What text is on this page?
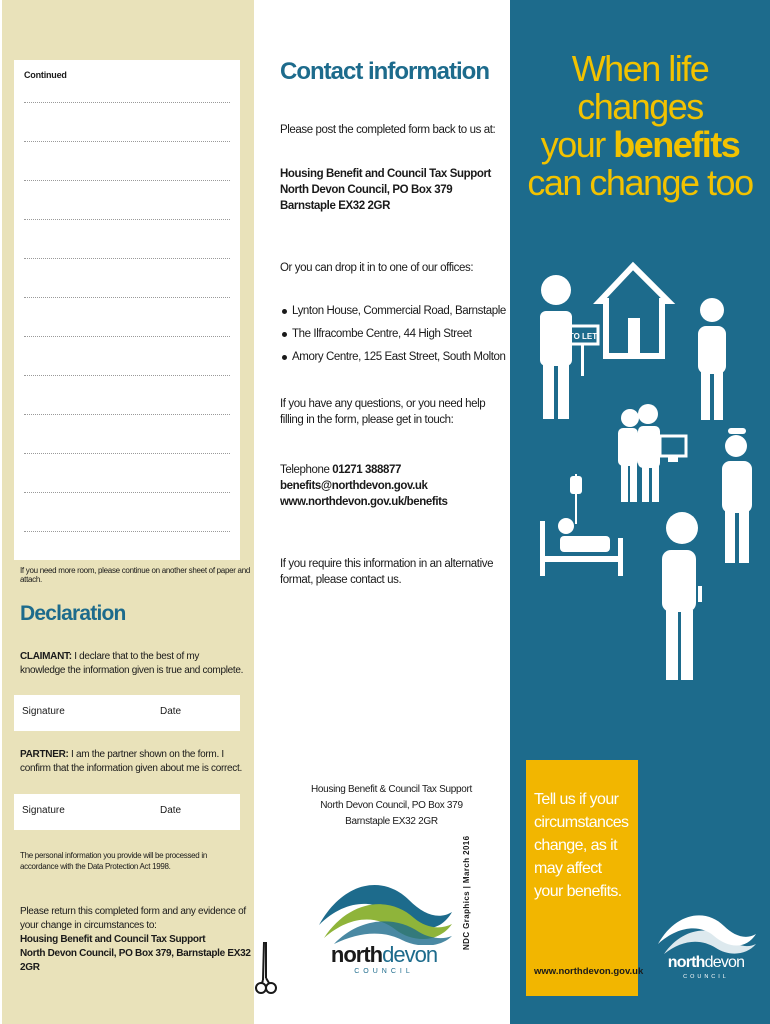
Continued
If you need more room, please continue on another sheet of paper and attach.
Declaration
CLAIMANT: I declare that to the best of my knowledge the information given is true and complete.
Signature	Date
PARTNER: I am the partner shown on the form. I confirm that the information given about me is correct.
Signature	Date
The personal information you provide will be processed in accordance with the Data Protection Act 1998.
Please return this completed form and any evidence of your change in circumstances to:
Housing Benefit and Council Tax Support
North Devon Council, PO Box 379, Barnstaple EX32 2GR
Contact information
Please post the completed form back to us at:
Housing Benefit and Council Tax Support
North Devon Council, PO Box 379
Barnstaple EX32 2GR
Or you can drop it in to one of our offices:
Lynton House, Commercial Road, Barnstaple
The Ilfracombe Centre, 44 High Street
Amory Centre, 125 East Street, South Molton
If you have any questions, or you need help filling in the form, please get in touch:
Telephone 01271 388877
benefits@northdevon.gov.uk
www.northdevon.gov.uk/benefits
If you require this information in an alternative format, please contact us.
Housing Benefit & Council Tax Support
North Devon Council, PO Box 379
Barnstaple EX32 2GR
northdevon
COUNCIL
NDC Graphics | March 2016
When life changes
your benefits
can change too
TO LET
Tell us if your circumstances change, as it may affect your benefits.
www.northdevon.gov.uk
northdevon
COUNCIL
